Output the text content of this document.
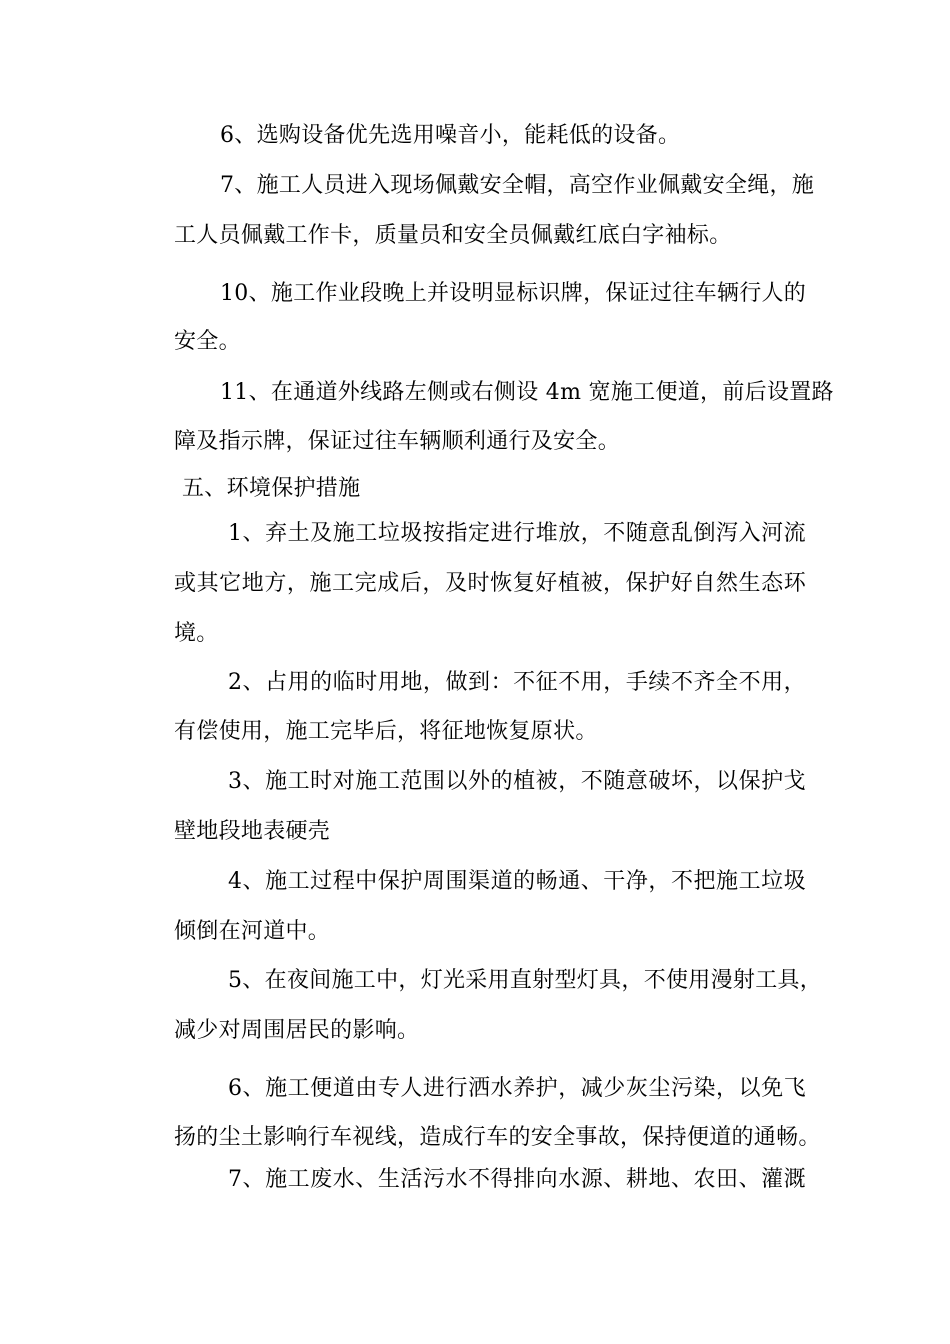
6、选购设备优先选用噪音小，能耗低的设备。
7、施工人员进入现场佩戴安全帽，高空作业佩戴安全绳，施
工人员佩戴工作卡，质量员和安全员佩戴红底白字袖标。
10、施工作业段晚上并设明显标识牌，保证过往车辆行人的
安全。
11、在通道外线路左侧或右侧设 4m 宽施工便道，前后设置路
障及指示牌，保证过往车辆顺利通行及安全。
五、环境保护措施
1、弃土及施工垃圾按指定进行堆放，不随意乱倒泻入河流
或其它地方，施工完成后，及时恢复好植被，保护好自然生态环
境。
2、占用的临时用地，做到：不征不用，手续不齐全不用，
有偿使用，施工完毕后，将征地恢复原状。
3、施工时对施工范围以外的植被，不随意破坏，以保护戈
壁地段地表硬壳
4、施工过程中保护周围渠道的畅通、干净，不把施工垃圾
倾倒在河道中。
5、在夜间施工中，灯光采用直射型灯具，不使用漫射工具，
减少对周围居民的影响。
6、施工便道由专人进行洒水养护，减少灰尘污染，以免飞
扬的尘土影响行车视线，造成行车的安全事故，保持便道的通畅。
7、施工废水、生活污水不得排向水源、耕地、农田、灌溉
